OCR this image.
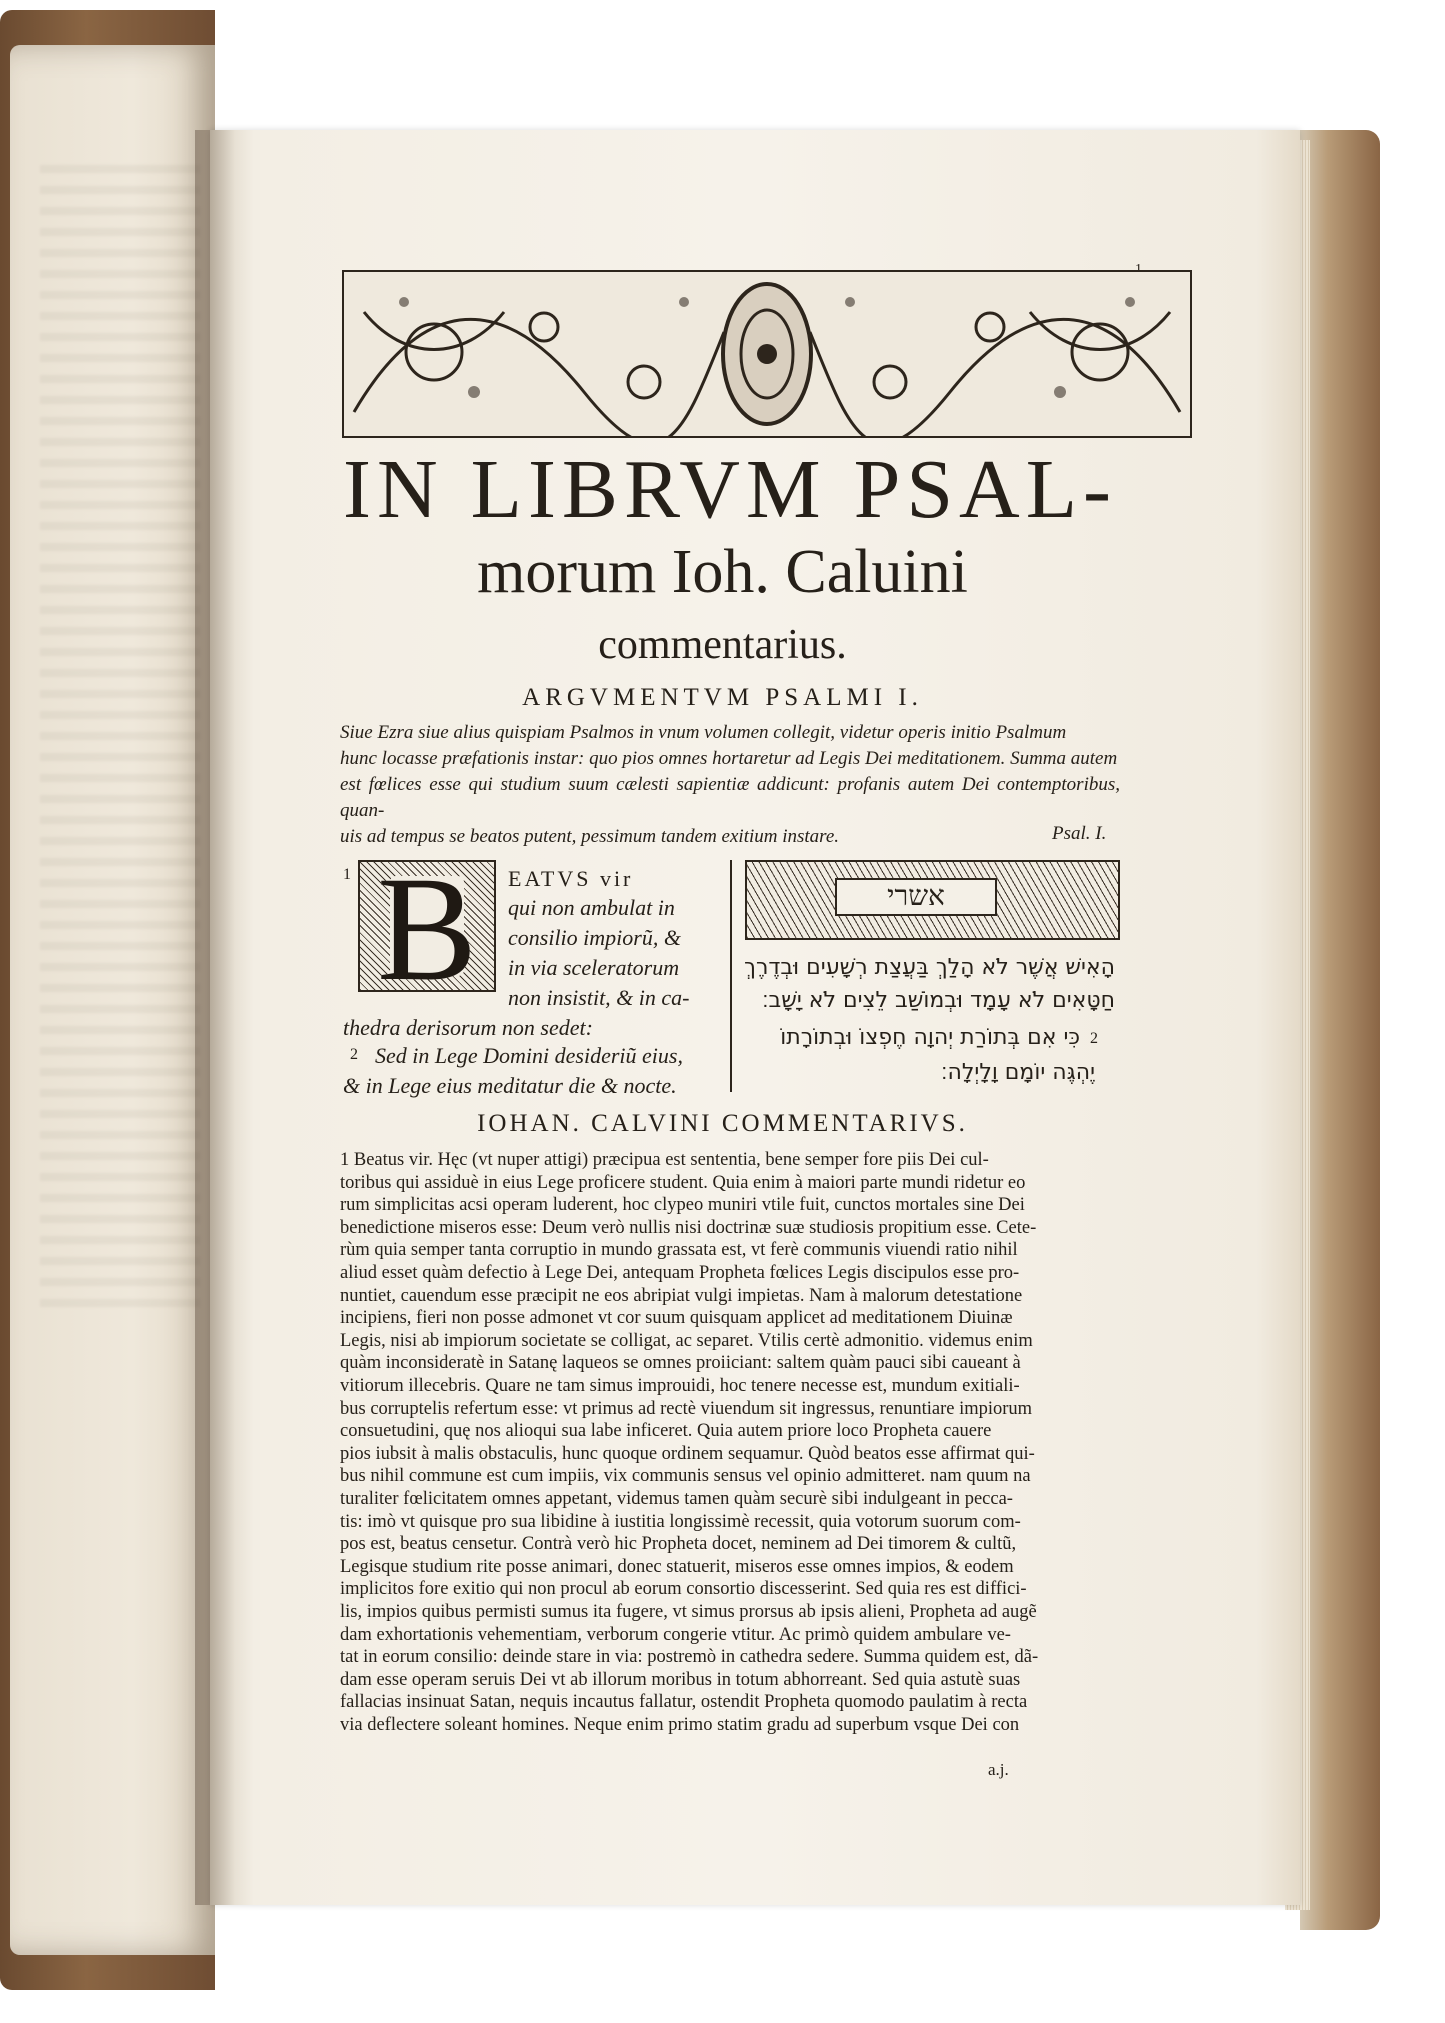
IN LIBRVM PSAL-
morum Ioh. Caluini
commentarius.
ARGVMENTVM PSALMI I.
Siue Ezra siue alius quispiam Psalmos in vnum volumen collegit, videtur operis initio Psalmum
hunc locasse præfationis instar: quo pios omnes hortaretur ad Legis Dei meditationem. Summa autem
est fœlices esse qui studium suum cælesti sapientiæ addicunt: profanis autem Dei contemptoribus, quan-
uis ad tempus se beatos putent, pessimum tandem exitium instare.	Psal. I.
1 B	EATVS vir
qui non ambulat in
consilio impiorũ, &
in via sceleratorum
non insistit, & in ca-
thedra derisorum non sedet:
2 Sed in Lege Domini desideriũ eius,
& in Lege eius meditatur die & nocte.
אשרי
הָאִישׁ אֲשֶׁר לֹא הָלַךְ בַּעֲצַת רְשָׁעִים וּבְדֶרֶךְ
חַטָּאִים לֹא עָמָד וּבְמוֹשַׁב לֵצִים לֹא יָשָׁב׃
כִּי אִם בְּתוֹרַת יְהוָה חֶפְצוֹ וּבְתוֹרָתוֹ 2
יֶהְגֶּה יוֹמָם וָלָיְלָה׃
IOHAN. CALVINI COMMENTARIVS.
1 Beatus vir. Hęc (vt nuper attigi) præcipua est sententia, bene semper fore piis Dei cul-
toribus qui assiduè in eius Lege proficere student. Quia enim à maiori parte mundi ridetur eo
rum simplicitas acsi operam luderent, hoc clypeo muniri vtile fuit, cunctos mortales sine Dei
benedictione miseros esse: Deum verò nullis nisi doctrinæ suæ studiosis propitium esse. Cete-
rùm quia semper tanta corruptio in mundo grassata est, vt ferè communis viuendi ratio nihil
aliud esset quàm defectio à Lege Dei, antequam Propheta fœlices Legis discipulos esse pro-
nuntiet, cauendum esse præcipit ne eos abripiat vulgi impietas. Nam à malorum detestatione
incipiens, fieri non posse admonet vt cor suum quisquam applicet ad meditationem Diuinæ
Legis, nisi ab impiorum societate se colligat, ac separet. Vtilis certè admonitio. videmus enim
quàm inconsideratè in Satanę laqueos se omnes proiiciant: saltem quàm pauci sibi caueant à
vitiorum illecebris. Quare ne tam simus improuidi, hoc tenere necesse est, mundum exitiali-
bus corruptelis refertum esse: vt primus ad rectè viuendum sit ingressus, renuntiare impiorum
consuetudini, quę nos alioqui sua labe inficeret. Quia autem priore loco Propheta cauere
pios iubsit à malis obstaculis, hunc quoque ordinem sequamur. Quòd beatos esse affirmat qui-
bus nihil commune est cum impiis, vix communis sensus vel opinio admitteret. nam quum na
turaliter fœlicitatem omnes appetant, videmus tamen quàm securè sibi indulgeant in pecca-
tis: imò vt quisque pro sua libidine à iustitia longissimè recessit, quia votorum suorum com-
pos est, beatus censetur. Contrà verò hic Propheta docet, neminem ad Dei timorem & cultũ,
Legisque studium rite posse animari, donec statuerit, miseros esse omnes impios, & eodem
implicitos fore exitio qui non procul ab eorum consortio discesserint. Sed quia res est diffici-
lis, impios quibus permisti sumus ita fugere, vt simus prorsus ab ipsis alieni, Propheta ad augẽ
dam exhortationis vehementiam, verborum congerie vtitur. Ac primò quidem ambulare ve-
tat in eorum consilio: deinde stare in via: postremò in cathedra sedere. Summa quidem est, dã-
dam esse operam seruis Dei vt ab illorum moribus in totum abhorreant. Sed quia astutè suas
fallacias insinuat Satan, nequis incautus fallatur, ostendit Propheta quomodo paulatim à recta
via deflectere soleant homines. Neque enim primo statim gradu ad superbum vsque Dei con
a.j.
